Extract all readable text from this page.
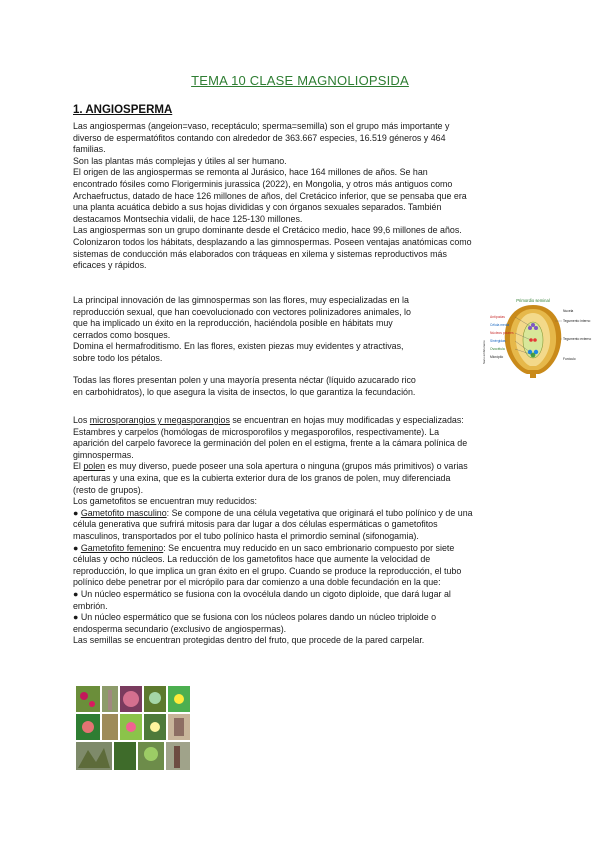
TEMA 10 CLASE MAGNOLIOPSIDA
1. ANGIOSPERMA

Las angiospermas (angeion=vaso, receptáculo; sperma=semilla) son el grupo más importante y

diverso de espermatófitos contando con alrededor de 363.667 especies, 16.519 géneros y 464

familias.

Son las plantas más complejas y útiles al ser humano.

El origen de las angiospermas se remonta al Jurásico, hace 164 millones de años. Se han

encontrado fósiles como Florigerminis jurassica (2022), en Mongolia, y otros más antiguos como

Archaefructus, datado de hace 126 millones de años, del Cretácico inferior, que se pensaba que era

una planta acuática debido a sus hojas divididas y con órganos sexuales separados. También

destacamos Montsechia vidalii, de hace 125-130 millones.

Las angiospermas son un grupo dominante desde el Cretácico medio, hace 99,6 millones de años.

Colonizaron todos los hábitats, desplazando a las gimnospermas. Poseen ventajas anatómicas como

sistemas de conducción más elaborados con tráqueas en xilema y sistemas reproductivos más

eficaces y rápidos.

La principal innovación de las gimnospermas son las flores, muy especializadas en la

reproducción sexual, que han coevolucionado con vectores polinizadores animales, lo

que ha implicado un éxito en la reproducción, haciéndola posible en hábitats muy

cerrados como bosques.

Domina el hermafroditismo. En las flores, existen piezas muy evidentes y atractivas,

sobre todo los pétalos.

Todas las flores presentan polen y una mayoría presenta néctar (líquido azucarado rico

en carbohidratos), lo que asegura la visita de insectos, lo que garantiza la fecundación.

Los microsporangios y megasporangios se encuentran en hojas muy modificadas y especializadas:

Estambres y carpelos (homólogas de microsporofilos y megasporofilos, respectivamente). La

aparición del carpelo favorece la germinación del polen en el estigma, frente a la cámara polínica de

gimnospermas.

El polen es muy diverso, puede poseer una sola apertura o ninguna (grupos más primitivos) o varias

aperturas y una exina, que es la cubierta exterior dura de los granos de polen, muy diferenciada

(resto de grupos).

Los gametofitos se encuentran muy reducidos:

● Gametofito masculino: Se compone de una célula vegetativa que originará el tubo polínico y de una

célula generativa que sufrirá mitosis para dar lugar a dos células espermáticas o gametofitos

masculinos, transportados por el tubo polínico hasta el primordio seminal (sifonogamia).

● Gametofito femenino: Se encuentra muy reducido en un saco embrionario compuesto por siete

células y ocho núcleos. La reducción de los gametofitos hace que aumente la velocidad de

reproducción, lo que implica un gran éxito en el grupo. Cuando se produce la reproducción, el tubo

polínico debe penetrar por el micrópilo para dar comienzo a una doble fecundación en la que:

● Un núcleo espermático se fusiona con la ovocélula dando un cigoto diploide, que dará lugar al

embrión.

● Un núcleo espermático que se fusiona con los núcleos polares dando un núcleo triploide o

endosperma secundario (exclusivo de angiospermas).

Las semillas se encuentran protegidas dentro del fruto, que procede de la pared carpelar.

Primordio seminal
Saco embrionario
Antípodas
Célula media
Núcleos polares
Sinérgidas
Ovocélula
Micrópilo
Nucela
Tegumento interno
Tegumento externo
Funículo
